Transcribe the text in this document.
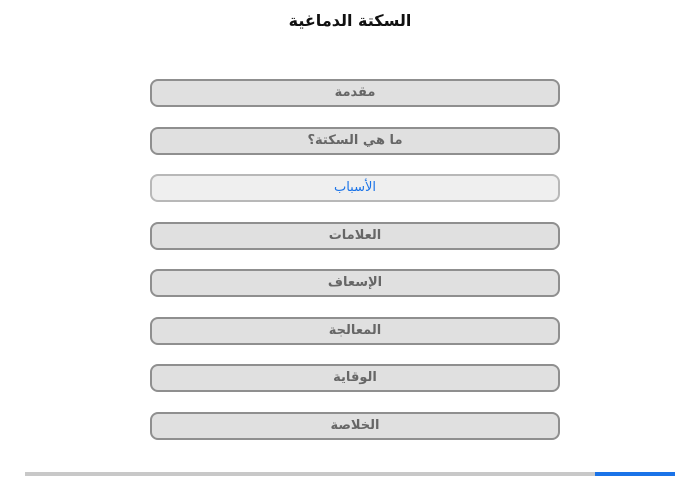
السكتة الدماغية
مقدمة
ما هي السكتة؟
الأسباب
العلامات
الإسعاف
المعالجة
الوقاية
الخلاصة
